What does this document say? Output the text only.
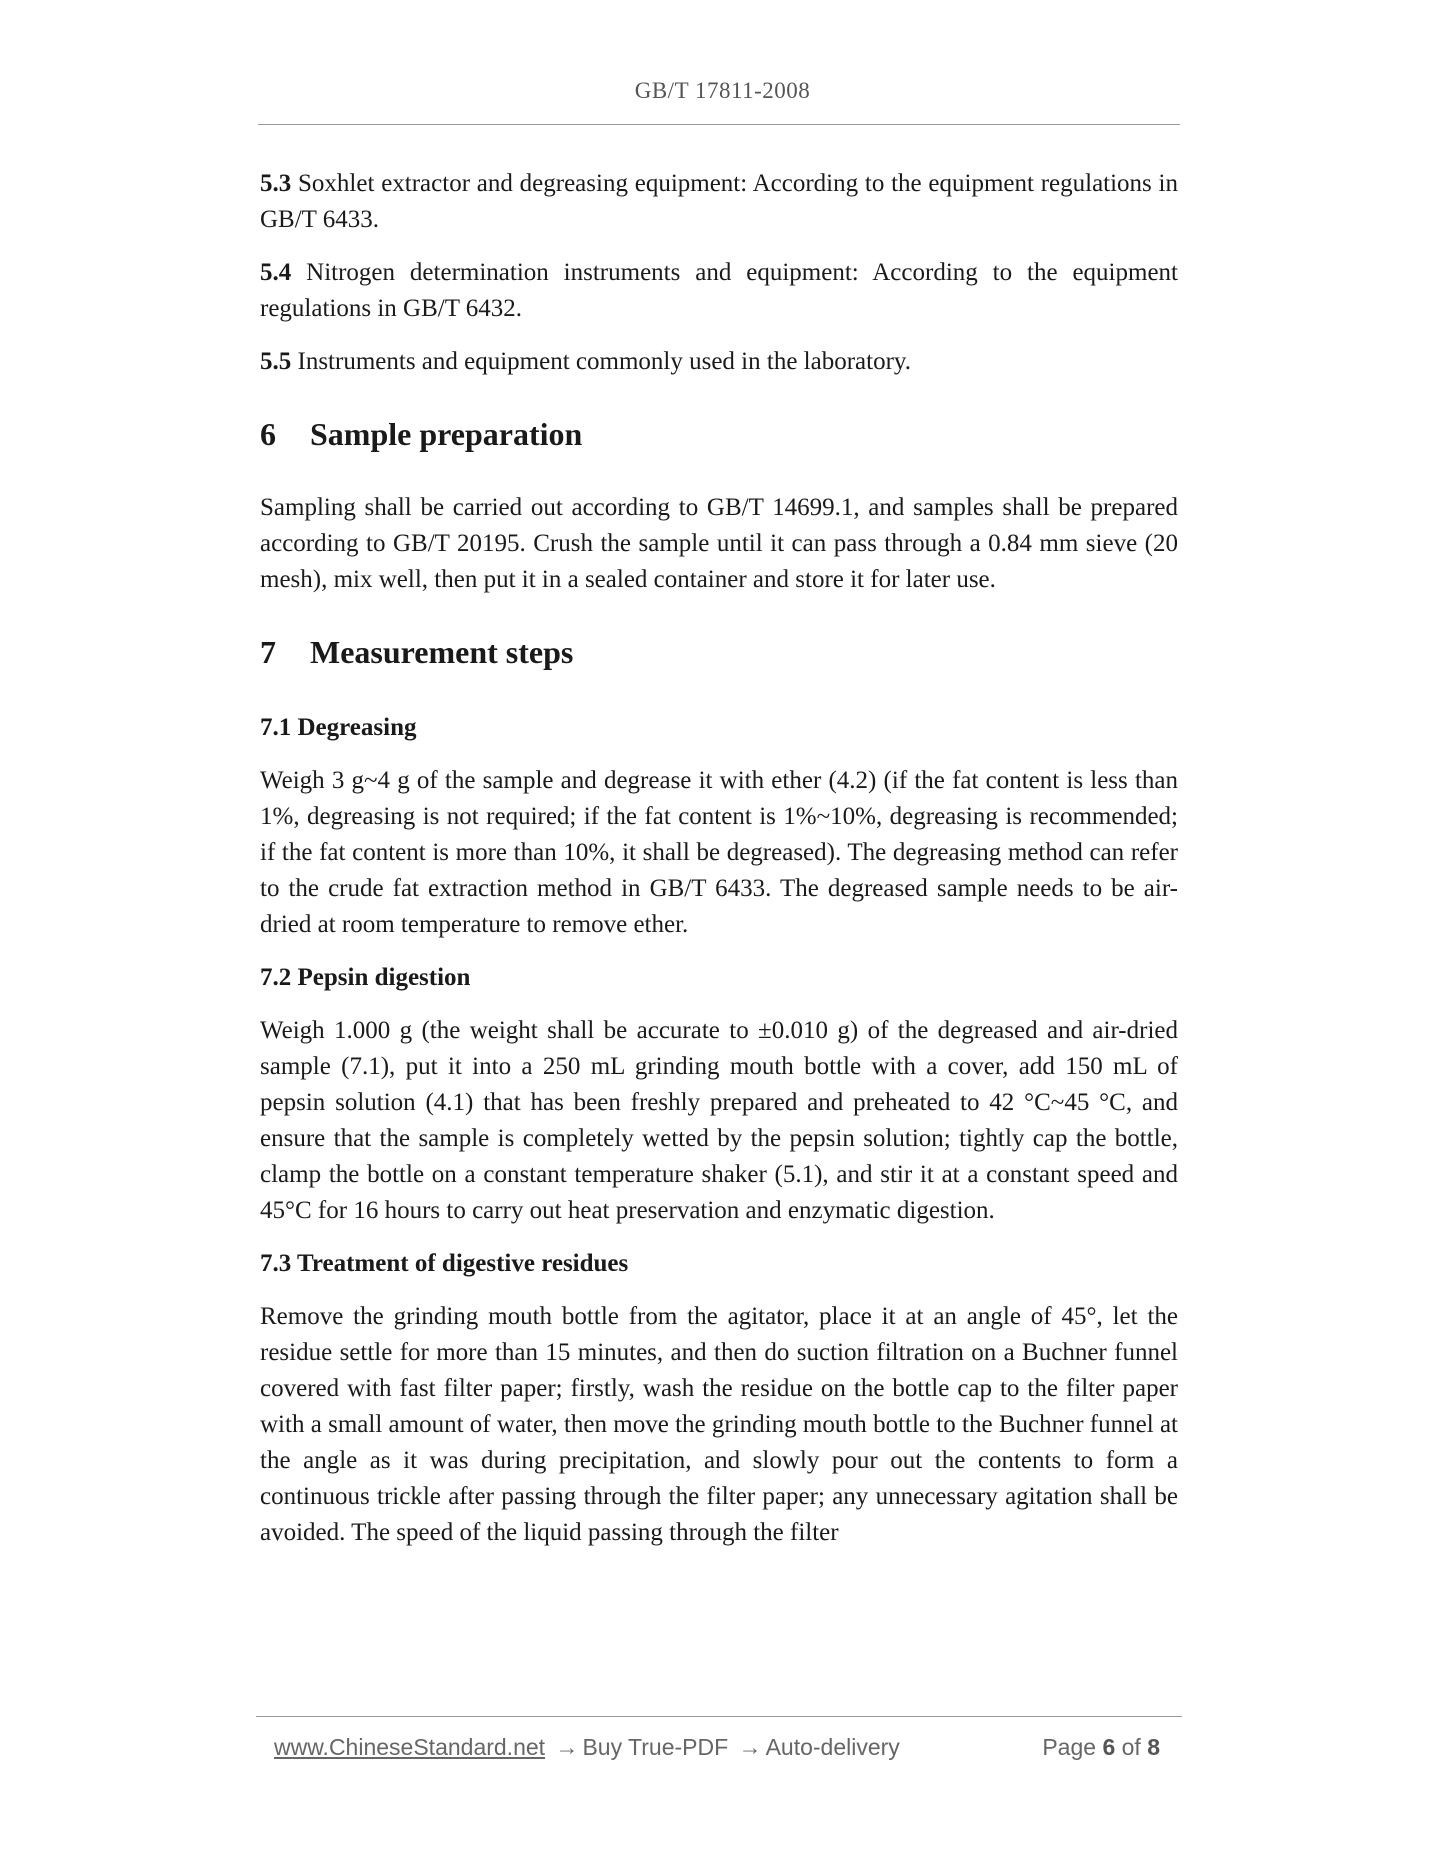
GB/T 17811-2008

5.3 Soxhlet extractor and degreasing equipment: According to the equipment regulations in GB/T 6433.

5.4 Nitrogen determination instruments and equipment: According to the equipment regulations in GB/T 6432.

5.5 Instruments and equipment commonly used in the laboratory.

6 Sample preparation

Sampling shall be carried out according to GB/T 14699.1, and samples shall be prepared according to GB/T 20195. Crush the sample until it can pass through a 0.84 mm sieve (20 mesh), mix well, then put it in a sealed container and store it for later use.

7 Measurement steps
7.1 Degreasing

Weigh 3 g~4 g of the sample and degrease it with ether (4.2) (if the fat content is less than 1%, degreasing is not required; if the fat content is 1%~10%, degreasing is recommended; if the fat content is more than 10%, it shall be degreased). The degreasing method can refer to the crude fat extraction method in GB/T 6433. The degreased sample needs to be air-dried at room temperature to remove ether.

7.2 Pepsin digestion

Weigh 1.000 g (the weight shall be accurate to ±0.010 g) of the degreased and air-dried sample (7.1), put it into a 250 mL grinding mouth bottle with a cover, add 150 mL of pepsin solution (4.1) that has been freshly prepared and preheated to 42 °C~45 °C, and ensure that the sample is completely wetted by the pepsin solution; tightly cap the bottle, clamp the bottle on a constant temperature shaker (5.1), and stir it at a constant speed and 45°C for 16 hours to carry out heat preservation and enzymatic digestion.

7.3 Treatment of digestive residues

Remove the grinding mouth bottle from the agitator, place it at an angle of 45°, let the residue settle for more than 15 minutes, and then do suction filtration on a Buchner funnel covered with fast filter paper; firstly, wash the residue on the bottle cap to the filter paper with a small amount of water, then move the grinding mouth bottle to the Buchner funnel at the angle as it was during precipitation, and slowly pour out the contents to form a continuous trickle after passing through the filter paper; any unnecessary agitation shall be avoided. The speed of the liquid passing through the filter

www.ChineseStandard.net → Buy True-PDF → Auto-delivery	Page 6 of 8
